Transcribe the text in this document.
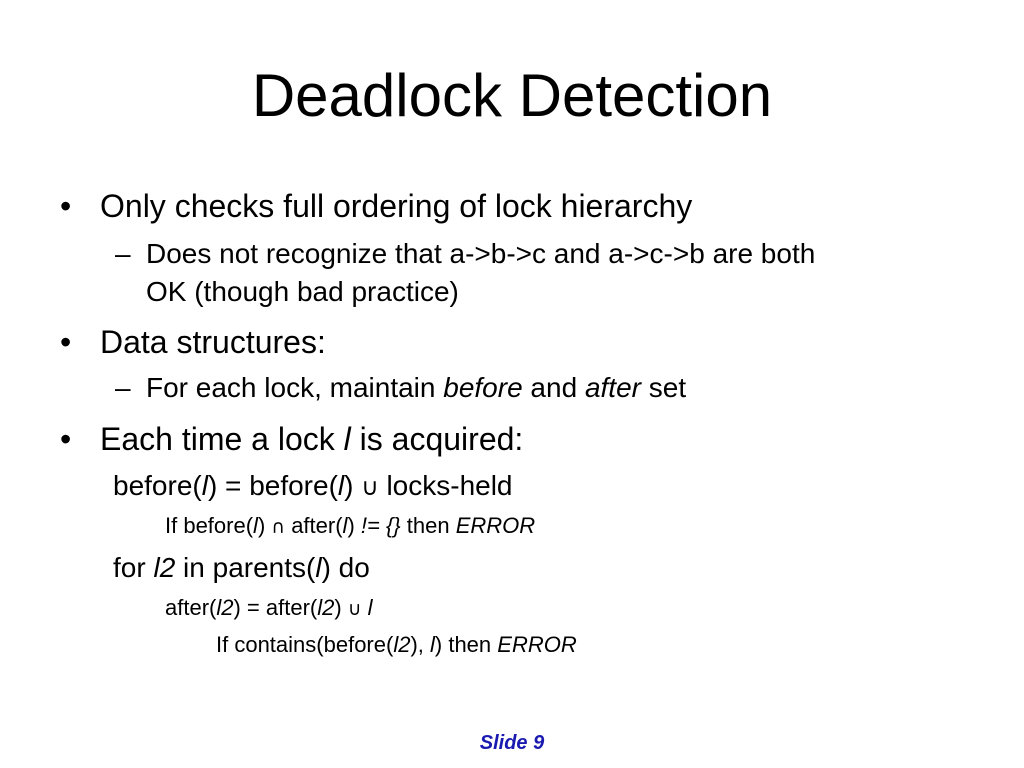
Deadlock Detection
• Only checks full ordering of lock hierarchy
– Does not recognize that a->b->c and a->c->b are both
OK (though bad practice)
• Data structures:
– For each lock, maintain before and after set
• Each time a lock l is acquired:
before(l) = before(l) ∪ locks-held
If before(l) ∩ after(l) != {} then ERROR
for l2 in parents(l) do
after(l2) = after(l2) ∪ l
If contains(before(l2), l) then ERROR
Slide 9
